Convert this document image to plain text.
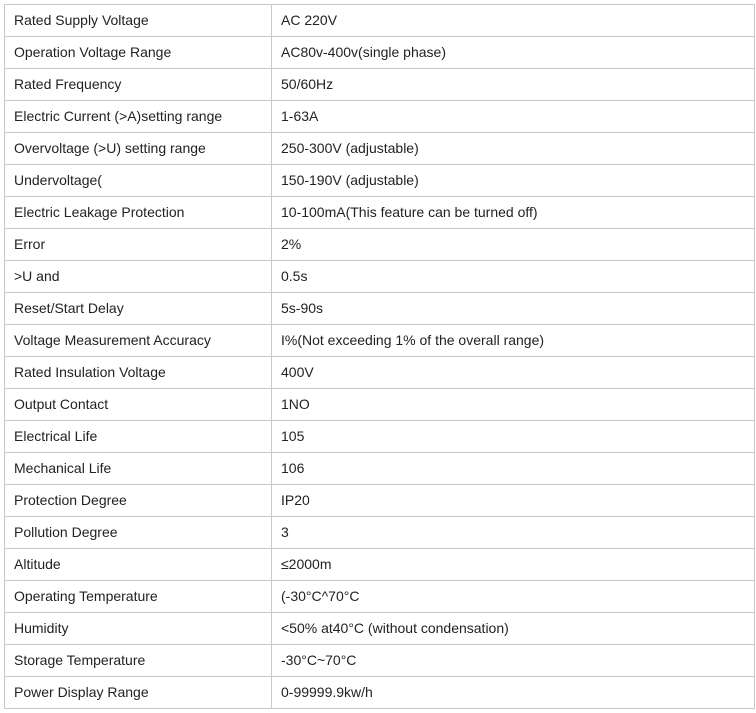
Rated Supply Voltage	AC 220V
Operation Voltage Range	AC80v-400v(single phase)
Rated Frequency	50/60Hz
Electric Current (>A)setting range	1-63A
Overvoltage (>U) setting range	250-300V (adjustable)
Undervoltage(	150-190V (adjustable)
Electric Leakage Protection	10-100mA(This feature can be turned off)
Error	2%
>U and	0.5s
Reset/Start Delay	5s-90s
Voltage Measurement Accuracy	I%(Not exceeding 1% of the overall range)
Rated Insulation Voltage	400V
Output Contact	1NO
Electrical Life	105
Mechanical Life	106
Protection Degree	IP20
Pollution Degree	3
Altitude	≤2000m
Operating Temperature	(-30°C^70°C
Humidity	<50% at40°C (without condensation)
Storage Temperature	-30°C~70°C
Power Display Range	0-99999.9kw/h
